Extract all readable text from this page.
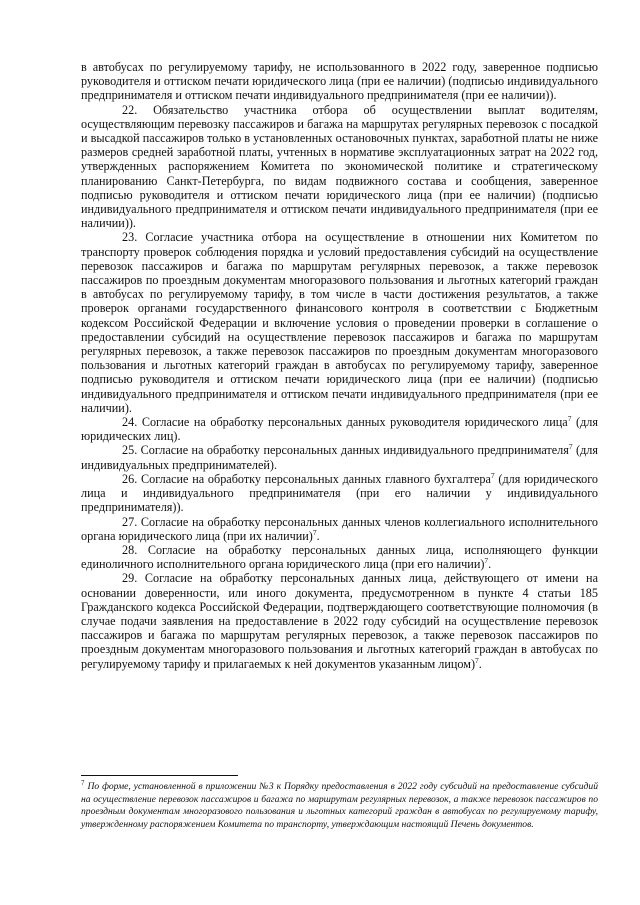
в автобусах по регулируемому тарифу, не использованного в 2022 году, заверенное подписью руководителя и оттиском печати юридического лица (при ее наличии) (подписью индивидуального предпринимателя и оттиском печати индивидуального предпринимателя (при ее наличии)).

22. Обязательство участника отбора об осуществлении выплат водителям, осуществляющим перевозку пассажиров и багажа на маршрутах регулярных перевозок с посадкой и высадкой пассажиров только в установленных остановочных пунктах, заработной платы не ниже размеров средней заработной платы, учтенных в нормативе эксплуатационных затрат на 2022 год, утвержденных распоряжением Комитета по экономической политике и стратегическому планированию Санкт-Петербурга, по видам подвижного состава и сообщения, заверенное подписью руководителя и оттиском печати юридического лица (при ее наличии) (подписью индивидуального предпринимателя и оттиском печати индивидуального предпринимателя (при ее наличии)).

23. Согласие участника отбора на осуществление в отношении них Комитетом по транспорту проверок соблюдения порядка и условий предоставления субсидий на осуществление перевозок пассажиров и багажа по маршрутам регулярных перевозок, а также перевозок пассажиров по проездным документам многоразового пользования и льготных категорий граждан в автобусах по регулируемому тарифу, в том числе в части достижения результатов, а также проверок органами государственного финансового контроля в соответствии с Бюджетным кодексом Российской Федерации и включение условия о проведении проверки в соглашение о предоставлении субсидий на осуществление перевозок пассажиров и багажа по маршрутам регулярных перевозок, а также перевозок пассажиров по проездным документам многоразового пользования и льготных категорий граждан в автобусах по регулируемому тарифу, заверенное подписью руководителя и оттиском печати юридического лица (при ее наличии) (подписью индивидуального предпринимателя и оттиском печати индивидуального предпринимателя (при ее наличии).

24. Согласие на обработку персональных данных руководителя юридического лица$^7$ (для юридических лиц).

25. Согласие на обработку персональных данных индивидуального предпринимателя$^7$ (для индивидуальных предпринимателей).

26. Согласие на обработку персональных данных главного бухгалтера$^7$ (для юридического лица и индивидуального предпринимателя (при его наличии у индивидуального предпринимателя)).

27. Согласие на обработку персональных данных членов коллегиального исполнительного органа юридического лица (при их наличии)$^7$.

28. Согласие на обработку персональных данных лица, исполняющего функции единоличного исполнительного органа юридического лица (при его наличии)$^7$.

29. Согласие на обработку персональных данных лица, действующего от имени на основании доверенности, или иного документа, предусмотренном в пункте 4 статьи 185 Гражданского кодекса Российской Федерации, подтверждающего соответствующие полномочия (в случае подачи заявления на предоставление в 2022 году субсидий на осуществление перевозок пассажиров и багажа по маршрутам регулярных перевозок, а также перевозок пассажиров по проездным документам многоразового пользования и льготных категорий граждан в автобусах по регулируемому тарифу и прилагаемых к ней документов указанным лицом)$^7$.

$^7$ По форме, установленной в приложении №3 к Порядку предоставления в 2022 году субсидий на предоставление субсидий на осуществление перевозок пассажиров и багажа по маршрутам регулярных перевозок, а также перевозок пассажиров по проездным документам многоразового пользования и льготных категорий граждан в автобусах по регулируемому тарифу, утвержденному распоряжением Комитета по транспорту, утверждающим настоящий Печень документов.
